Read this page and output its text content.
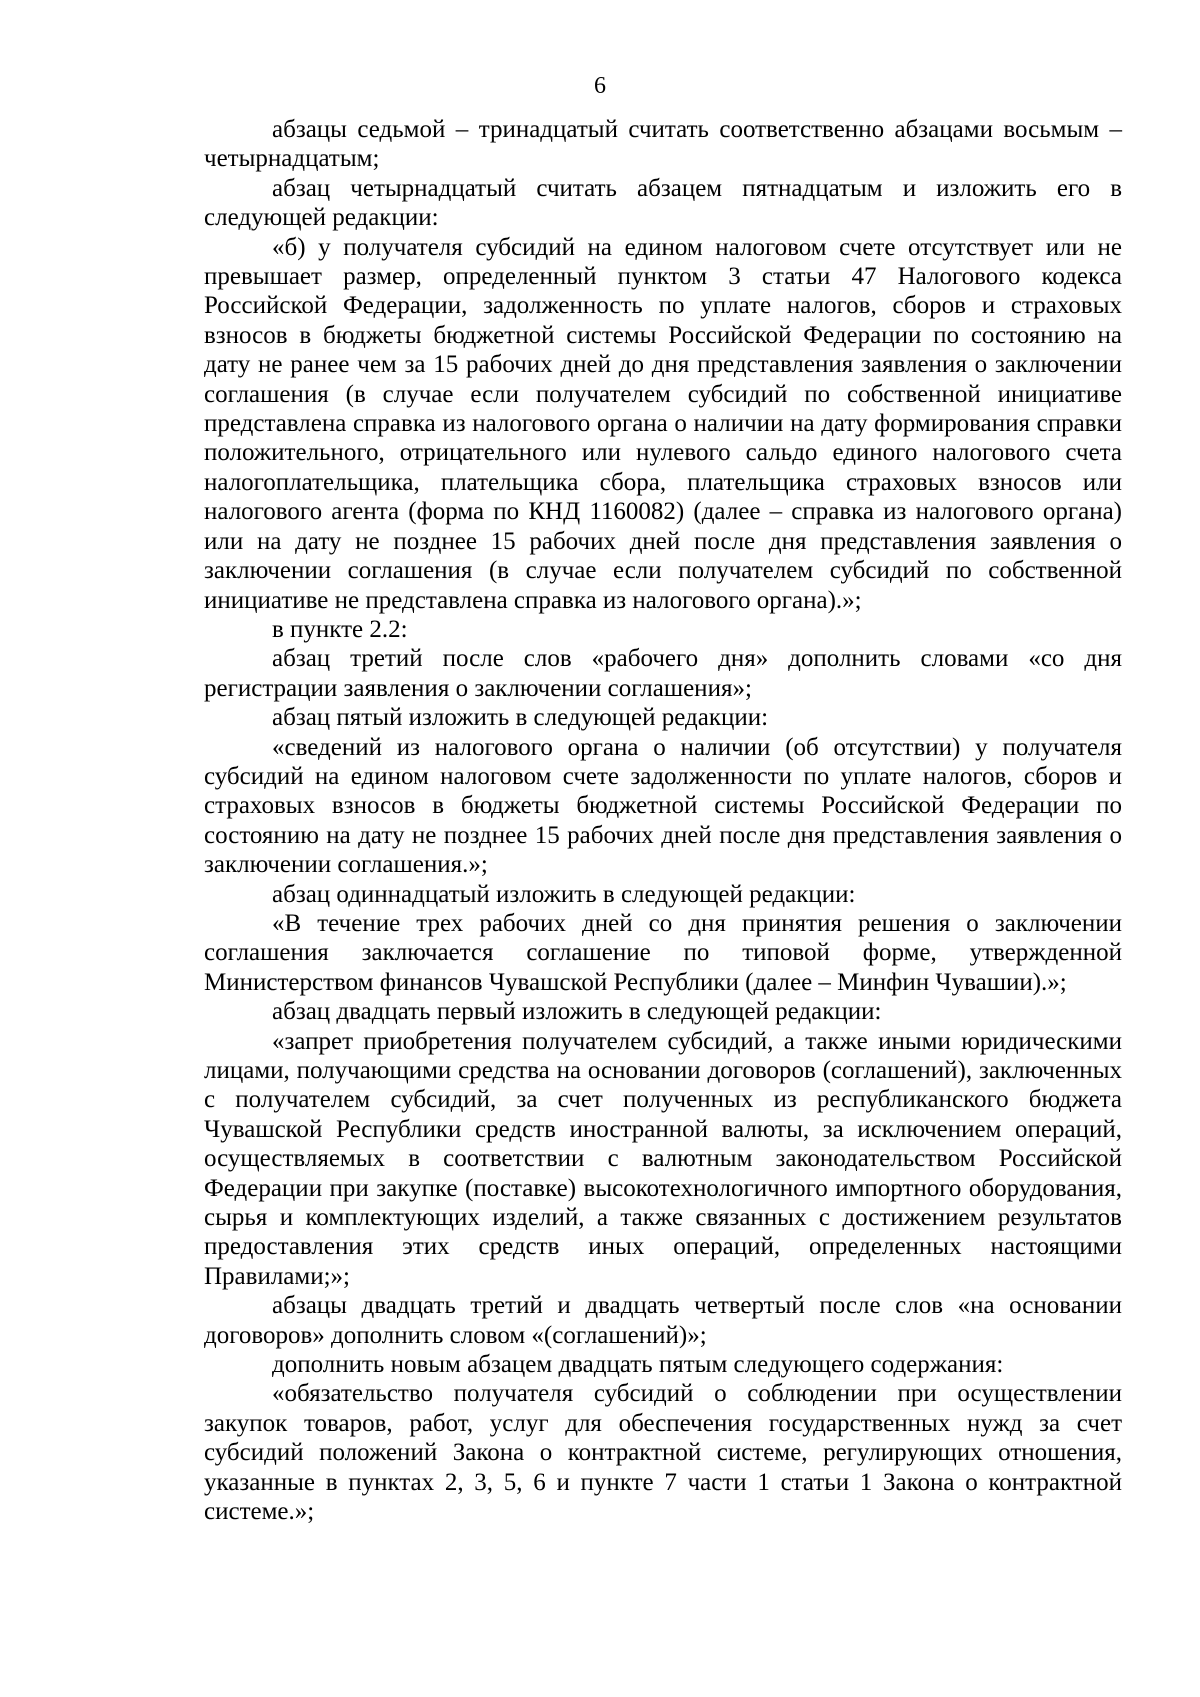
6

абзацы седьмой – тринадцатый считать соответственно абзацами восьмым – четырнадцатым;

абзац четырнадцатый считать абзацем пятнадцатым и изложить его в следующей редакции:

«б) у получателя субсидий на едином налоговом счете отсутствует или не превышает размер, определенный пунктом 3 статьи 47 Налогового кодекса Российской Федерации, задолженность по уплате налогов, сборов и страховых взносов в бюджеты бюджетной системы Российской Федерации по состоянию на дату не ранее чем за 15 рабочих дней до дня представления заявления о заключении соглашения (в случае если получателем субсидий по собственной инициативе представлена справка из налогового органа о наличии на дату формирования справки положительного, отрицательного или нулевого сальдо единого налогового счета налогоплательщика, плательщика сбора, плательщика страховых взносов или налогового агента (форма по КНД 1160082) (далее – справка из налогового органа) или на дату не позднее 15 рабочих дней после дня представления заявления о заключении соглашения (в случае если получателем субсидий по собственной инициативе не представлена справка из налогового органа).»;

в пункте 2.2:

абзац третий после слов «рабочего дня» дополнить словами «со дня регистрации заявления о заключении соглашения»;

абзац пятый изложить в следующей редакции:

«сведений из налогового органа о наличии (об отсутствии) у получателя субсидий на едином налоговом счете задолженности по уплате налогов, сборов и страховых взносов в бюджеты бюджетной системы Российской Федерации по состоянию на дату не позднее 15 рабочих дней после дня представления заявления о заключении соглашения.»;

абзац одиннадцатый изложить в следующей редакции:

«В течение трех рабочих дней со дня принятия решения о заключении соглашения заключается соглашение по типовой форме, утвержденной Министерством финансов Чувашской Республики (далее – Минфин Чувашии).»;

абзац двадцать первый изложить в следующей редакции:

«запрет приобретения получателем субсидий, а также иными юридическими лицами, получающими средства на основании договоров (соглашений), заключенных с получателем субсидий, за счет полученных из республиканского бюджета Чувашской Республики средств иностранной валюты, за исключением операций, осуществляемых в соответствии с валютным законодательством Российской Федерации при закупке (поставке) высокотехнологичного импортного оборудования, сырья и комплектующих изделий, а также связанных с достижением результатов предоставления этих средств иных операций, определенных настоящими Правилами;»;

абзацы двадцать третий и двадцать четвертый после слов «на основании договоров» дополнить словом «(соглашений)»;

дополнить новым абзацем двадцать пятым следующего содержания:

«обязательство получателя субсидий о соблюдении при осуществлении закупок товаров, работ, услуг для обеспечения государственных нужд за счет субсидий положений Закона о контрактной системе, регулирующих отношения, указанные в пунктах 2, 3, 5, 6 и пункте 7 части 1 статьи 1 Закона о контрактной системе.»;
